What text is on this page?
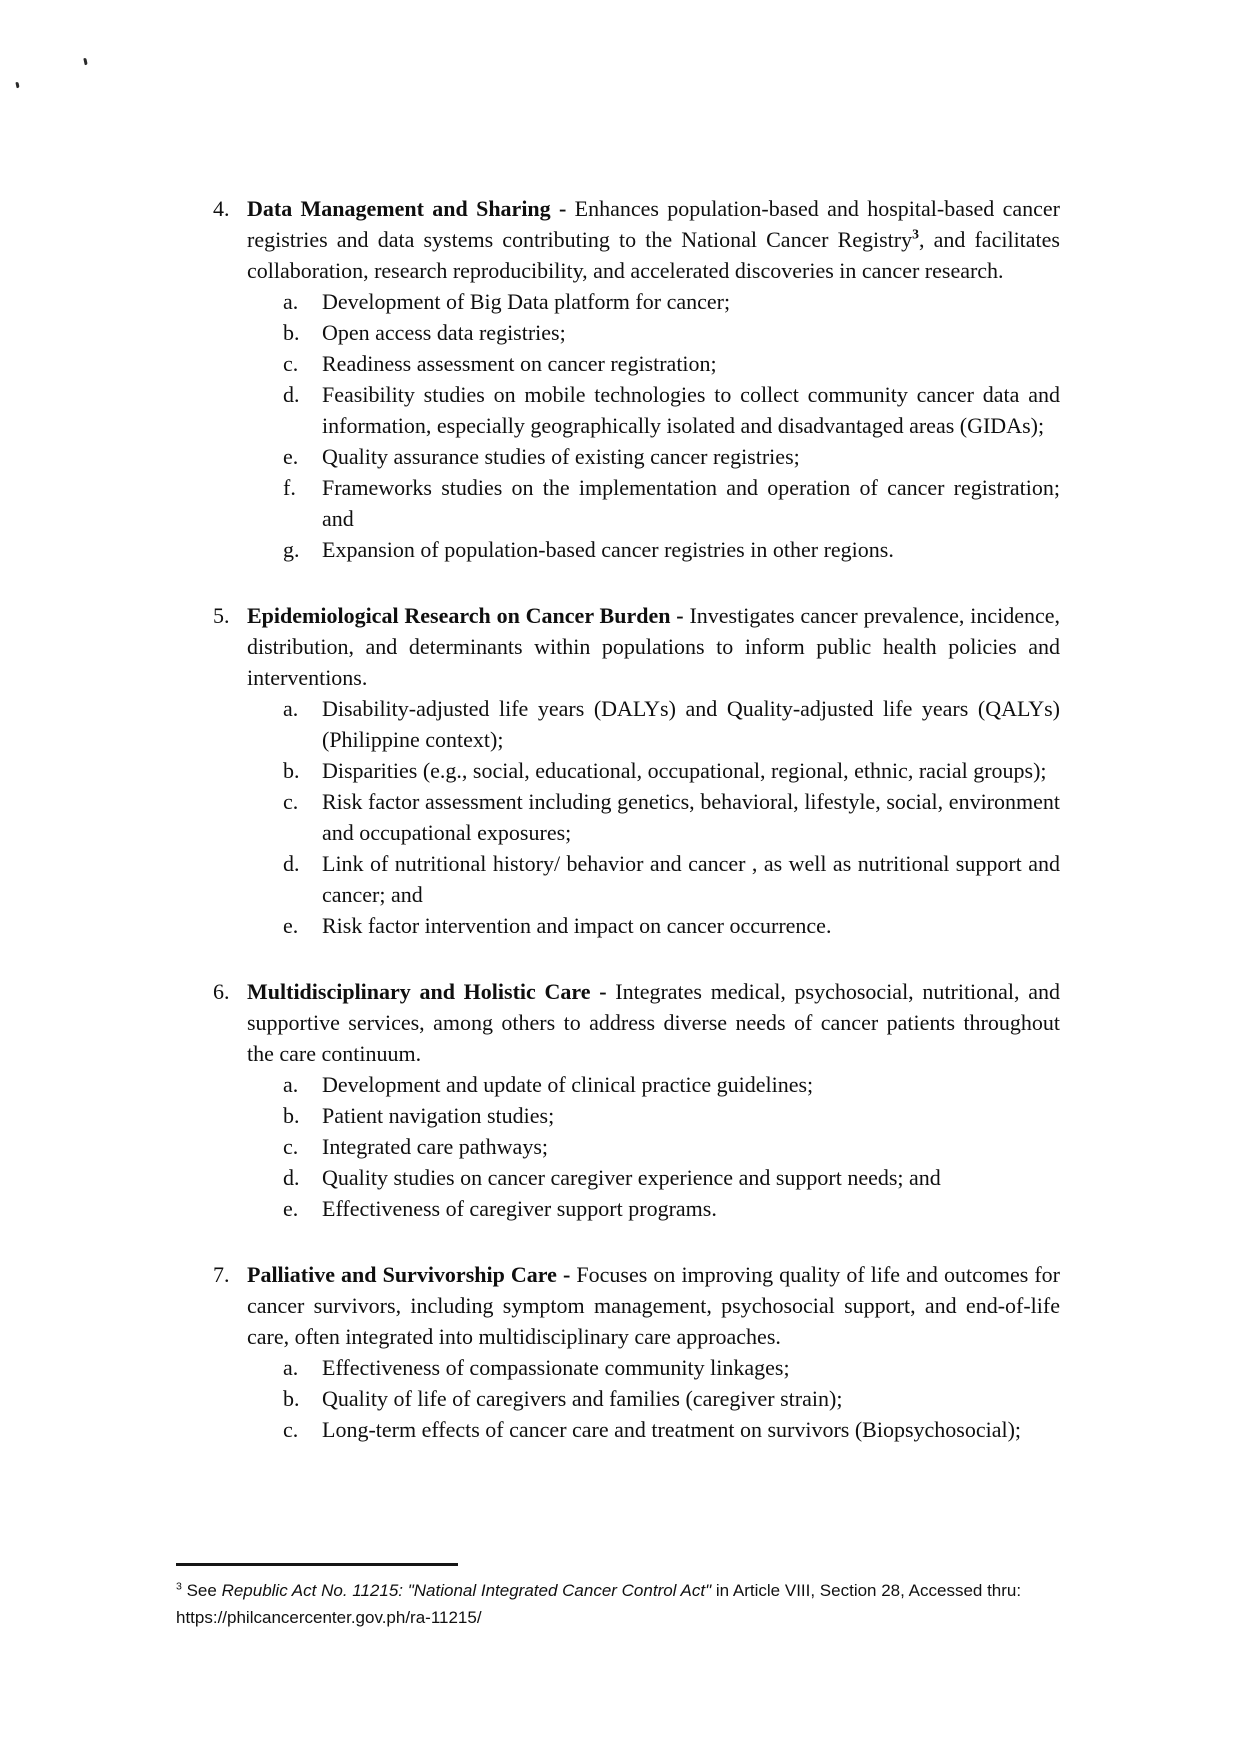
4. Data Management and Sharing - Enhances population-based and hospital-based cancer registries and data systems contributing to the National Cancer Registry$^3$, and facilitates collaboration, research reproducibility, and accelerated discoveries in cancer research.

a.	Development of Big Data platform for cancer;
b.	Open access data registries;
c.	Readiness assessment on cancer registration;
d.	Feasibility studies on mobile technologies to collect community cancer data and information, especially geographically isolated and disadvantaged areas (GIDAs);
e.	Quality assurance studies of existing cancer registries;
f.	Frameworks studies on the implementation and operation of cancer registration; and
g.	Expansion of population-based cancer registries in other regions.
5. Epidemiological Research on Cancer Burden - Investigates cancer prevalence, incidence, distribution, and determinants within populations to inform public health policies and interventions.

a.	Disability-adjusted life years (DALYs) and Quality-adjusted life years (QALYs) (Philippine context);
b.	Disparities (e.g., social, educational, occupational, regional, ethnic, racial groups);
c.	Risk factor assessment including genetics, behavioral, lifestyle, social, environment and occupational exposures;
d.	Link of nutritional history/ behavior and cancer , as well as nutritional support and cancer; and
e.	Risk factor intervention and impact on cancer occurrence.
6. Multidisciplinary and Holistic Care - Integrates medical, psychosocial, nutritional, and supportive services, among others to address diverse needs of cancer patients throughout the care continuum.

a.	Development and update of clinical practice guidelines;
b.	Patient navigation studies;
c.	Integrated care pathways;
d.	Quality studies on cancer caregiver experience and support needs; and
e.	Effectiveness of caregiver support programs.
7. Palliative and Survivorship Care - Focuses on improving quality of life and outcomes for cancer survivors, including symptom management, psychosocial support, and end-of-life care, often integrated into multidisciplinary care approaches.

a.	Effectiveness of compassionate community linkages;
b.	Quality of life of caregivers and families (caregiver strain);
c.	Long-term effects of cancer care and treatment on survivors (Biopsychosocial);
$^3$ See Republic Act No. 11215: "National Integrated Cancer Control Act" in Article VIII, Section 28, Accessed thru:
https://philcancercenter.gov.ph/ra-11215/
